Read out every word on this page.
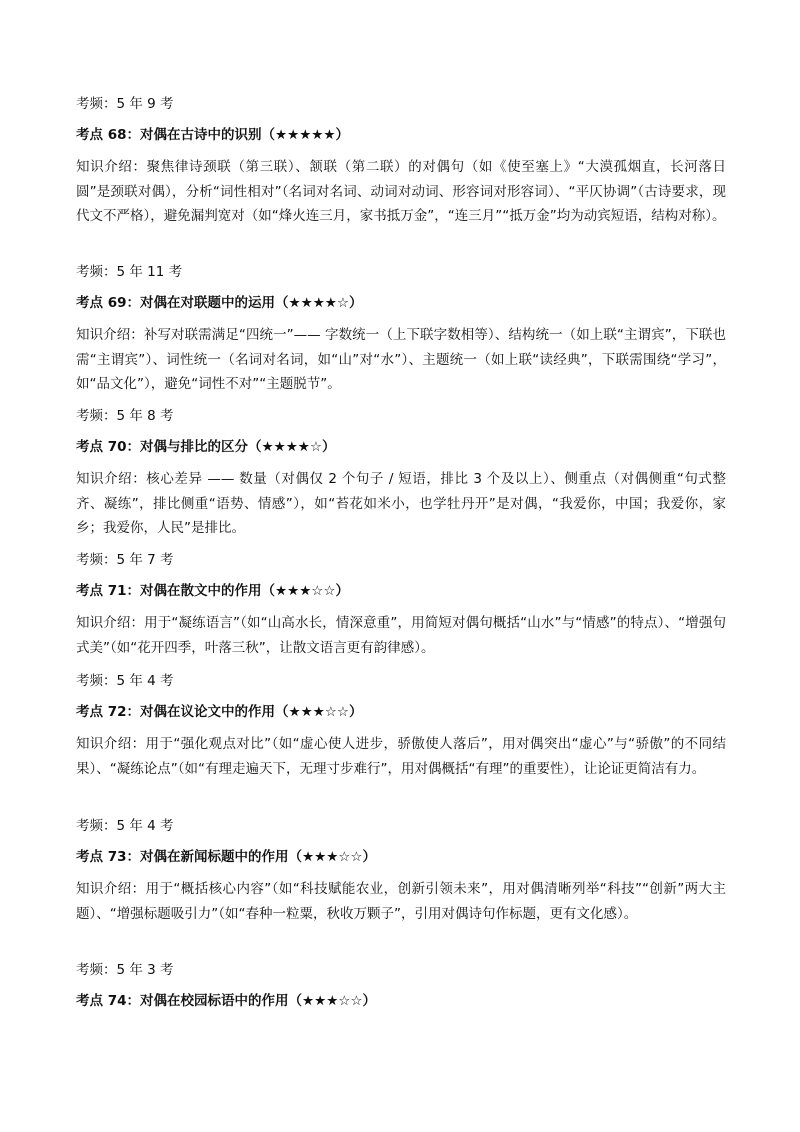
考频：5 年 9 考
考点 68：对偶在古诗中的识别（★★★★★）
知识介绍：聚焦律诗颈联（第三联）、颔联（第二联）的对偶句（如《使至塞上》“大漠孤烟直，长河落日圆”是颈联对偶），分析“词性相对”（名词对名词、动词对动词、形容词对形容词）、“平仄协调”（古诗要求，现代文不严格），避免漏判宽对（如“烽火连三月，家书抵万金”，“连三月”“抵万金”均为动宾短语，结构对称）。
考频：5 年 11 考
考点 69：对偶在对联题中的运用（★★★★☆）
知识介绍：补写对联需满足“四统一”—— 字数统一（上下联字数相等）、结构统一（如上联“主谓宾”，下联也需“主谓宾”）、词性统一（名词对名词，如“山”对“水”）、主题统一（如上联“读经典”，下联需围绕“学习”，如“品文化”），避免“词性不对”“主题脱节”。
考频：5 年 8 考
考点 70：对偶与排比的区分（★★★★☆）
知识介绍：核心差异 —— 数量（对偶仅 2 个句子 / 短语，排比 3 个及以上）、侧重点（对偶侧重“句式整齐、凝练”，排比侧重“语势、情感”），如“苔花如米小，也学牡丹开”是对偶，“我爱你，中国；我爱你，家乡；我爱你，人民”是排比。
考频：5 年 7 考
考点 71：对偶在散文中的作用（★★★☆☆）
知识介绍：用于“凝练语言”（如“山高水长，情深意重”，用简短对偶句概括“山水”与“情感”的特点）、“增强句式美”（如“花开四季，叶落三秋”，让散文语言更有韵律感）。
考频：5 年 4 考
考点 72：对偶在议论文中的作用（★★★☆☆）
知识介绍：用于“强化观点对比”（如“虚心使人进步，骄傲使人落后”，用对偶突出“虚心”与“骄傲”的不同结果）、“凝练论点”（如“有理走遍天下，无理寸步难行”，用对偶概括“有理”的重要性），让论证更简洁有力。
考频：5 年 4 考
考点 73：对偶在新闻标题中的作用（★★★☆☆）
知识介绍：用于“概括核心内容”（如“科技赋能农业，创新引领未来”，用对偶清晰列举“科技”“创新”两大主题）、“增强标题吸引力”（如“春种一粒粟，秋收万颗子”，引用对偶诗句作标题，更有文化感）。
考频：5 年 3 考
考点 74：对偶在校园标语中的作用（★★★☆☆）
